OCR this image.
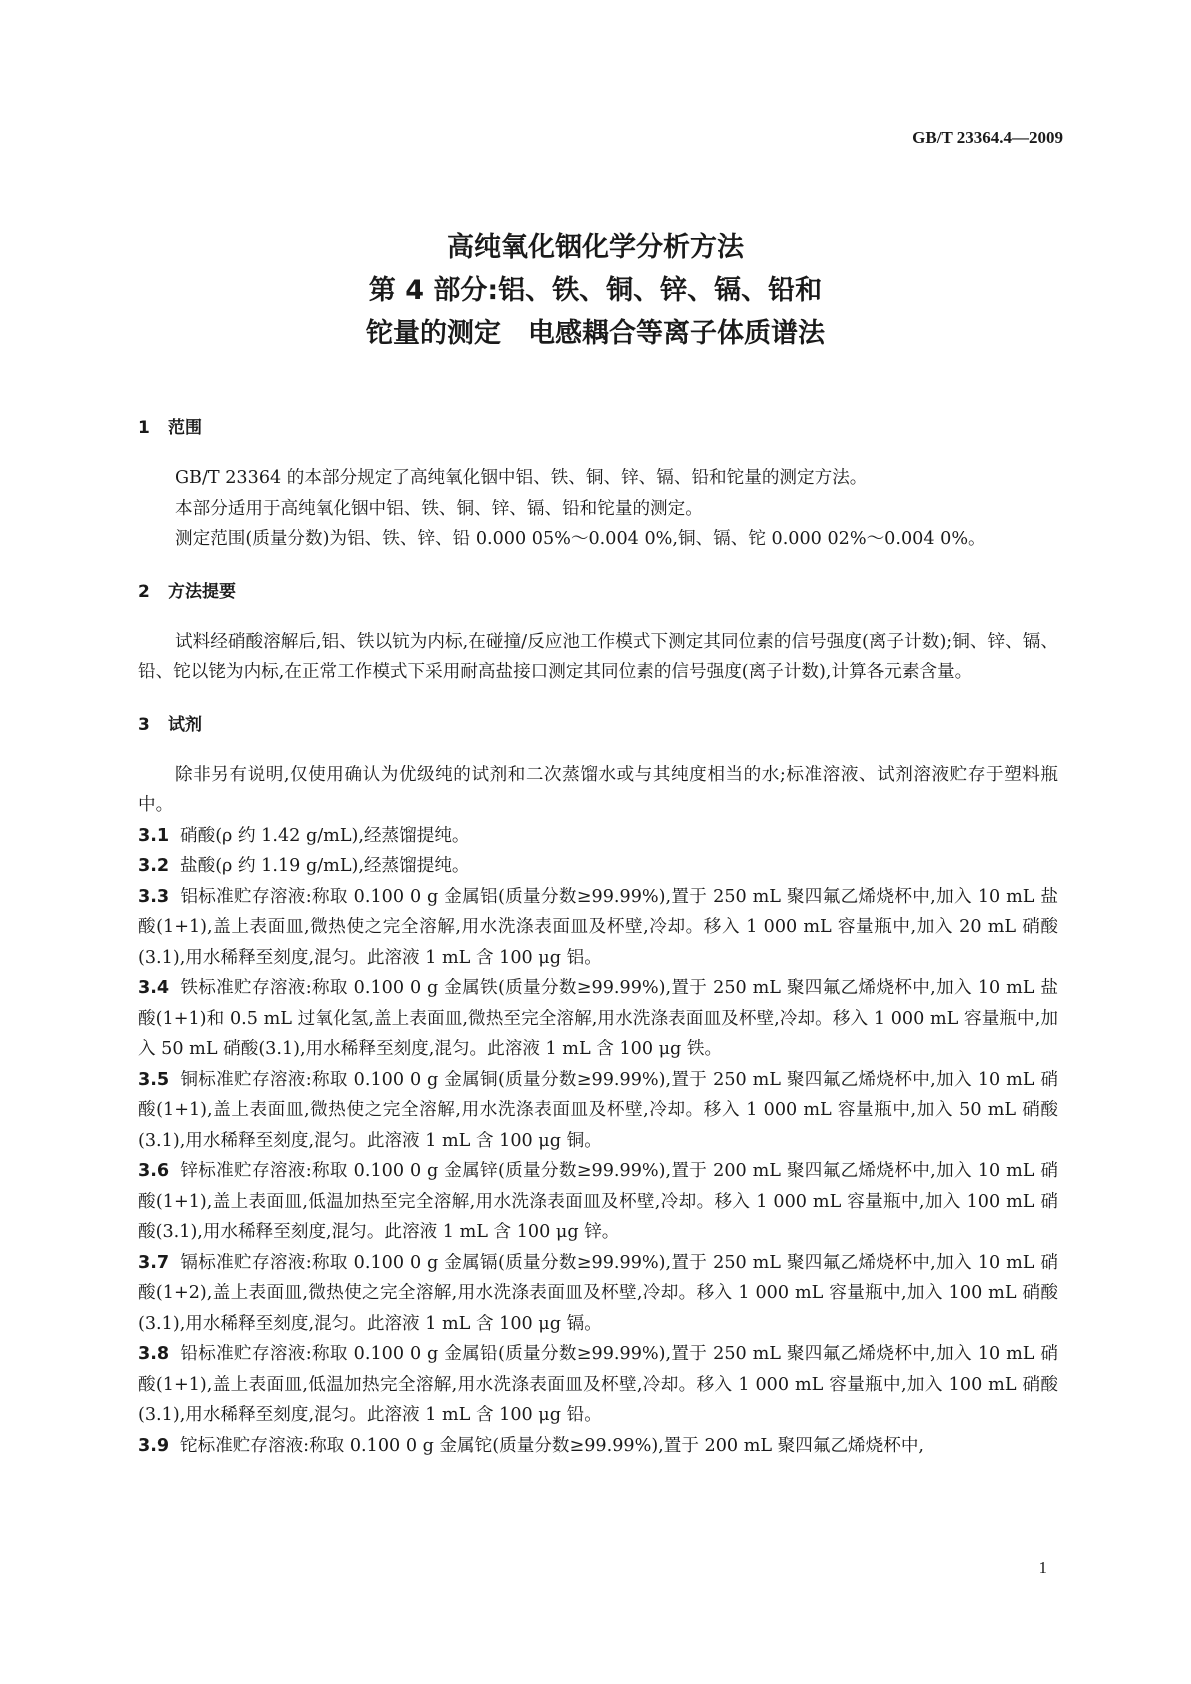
GB/T 23364.4—2009
高纯氧化铟化学分析方法
第 4 部分:铝、铁、铜、锌、镉、铅和
铊量的测定　电感耦合等离子体质谱法
1 范围

GB/T 23364 的本部分规定了高纯氧化铟中铝、铁、铜、锌、镉、铅和铊量的测定方法。

本部分适用于高纯氧化铟中铝、铁、铜、锌、镉、铅和铊量的测定。

测定范围(质量分数)为铝、铁、锌、铅 0.000 05%～0.004 0%,铜、镉、铊 0.000 02%～0.004 0%。

2 方法提要

试料经硝酸溶解后,铝、铁以钪为内标,在碰撞/反应池工作模式下测定其同位素的信号强度(离子计数);铜、锌、镉、铅、铊以铑为内标,在正常工作模式下采用耐高盐接口测定其同位素的信号强度(离子计数),计算各元素含量。

3 试剂

除非另有说明,仅使用确认为优级纯的试剂和二次蒸馏水或与其纯度相当的水;标准溶液、试剂溶液贮存于塑料瓶中。

3.1 硝酸(ρ 约 1.42 g/mL),经蒸馏提纯。

3.2 盐酸(ρ 约 1.19 g/mL),经蒸馏提纯。

3.3 铝标准贮存溶液:称取 0.100 0 g 金属铝(质量分数≥99.99%),置于 250 mL 聚四氟乙烯烧杯中,加入 10 mL 盐酸(1+1),盖上表面皿,微热使之完全溶解,用水洗涤表面皿及杯壁,冷却。移入 1 000 mL 容量瓶中,加入 20 mL 硝酸(3.1),用水稀释至刻度,混匀。此溶液 1 mL 含 100 μg 铝。

3.4 铁标准贮存溶液:称取 0.100 0 g 金属铁(质量分数≥99.99%),置于 250 mL 聚四氟乙烯烧杯中,加入 10 mL 盐酸(1+1)和 0.5 mL 过氧化氢,盖上表面皿,微热至完全溶解,用水洗涤表面皿及杯壁,冷却。移入 1 000 mL 容量瓶中,加入 50 mL 硝酸(3.1),用水稀释至刻度,混匀。此溶液 1 mL 含 100 μg 铁。

3.5 铜标准贮存溶液:称取 0.100 0 g 金属铜(质量分数≥99.99%),置于 250 mL 聚四氟乙烯烧杯中,加入 10 mL 硝酸(1+1),盖上表面皿,微热使之完全溶解,用水洗涤表面皿及杯壁,冷却。移入 1 000 mL 容量瓶中,加入 50 mL 硝酸(3.1),用水稀释至刻度,混匀。此溶液 1 mL 含 100 μg 铜。

3.6 锌标准贮存溶液:称取 0.100 0 g 金属锌(质量分数≥99.99%),置于 200 mL 聚四氟乙烯烧杯中,加入 10 mL 硝酸(1+1),盖上表面皿,低温加热至完全溶解,用水洗涤表面皿及杯壁,冷却。移入 1 000 mL 容量瓶中,加入 100 mL 硝酸(3.1),用水稀释至刻度,混匀。此溶液 1 mL 含 100 μg 锌。

3.7 镉标准贮存溶液:称取 0.100 0 g 金属镉(质量分数≥99.99%),置于 250 mL 聚四氟乙烯烧杯中,加入 10 mL 硝酸(1+2),盖上表面皿,微热使之完全溶解,用水洗涤表面皿及杯壁,冷却。移入 1 000 mL 容量瓶中,加入 100 mL 硝酸(3.1),用水稀释至刻度,混匀。此溶液 1 mL 含 100 μg 镉。

3.8 铅标准贮存溶液:称取 0.100 0 g 金属铅(质量分数≥99.99%),置于 250 mL 聚四氟乙烯烧杯中,加入 10 mL 硝酸(1+1),盖上表面皿,低温加热完全溶解,用水洗涤表面皿及杯壁,冷却。移入 1 000 mL 容量瓶中,加入 100 mL 硝酸(3.1),用水稀释至刻度,混匀。此溶液 1 mL 含 100 μg 铅。

3.9 铊标准贮存溶液:称取 0.100 0 g 金属铊(质量分数≥99.99%),置于 200 mL 聚四氟乙烯烧杯中,

1
